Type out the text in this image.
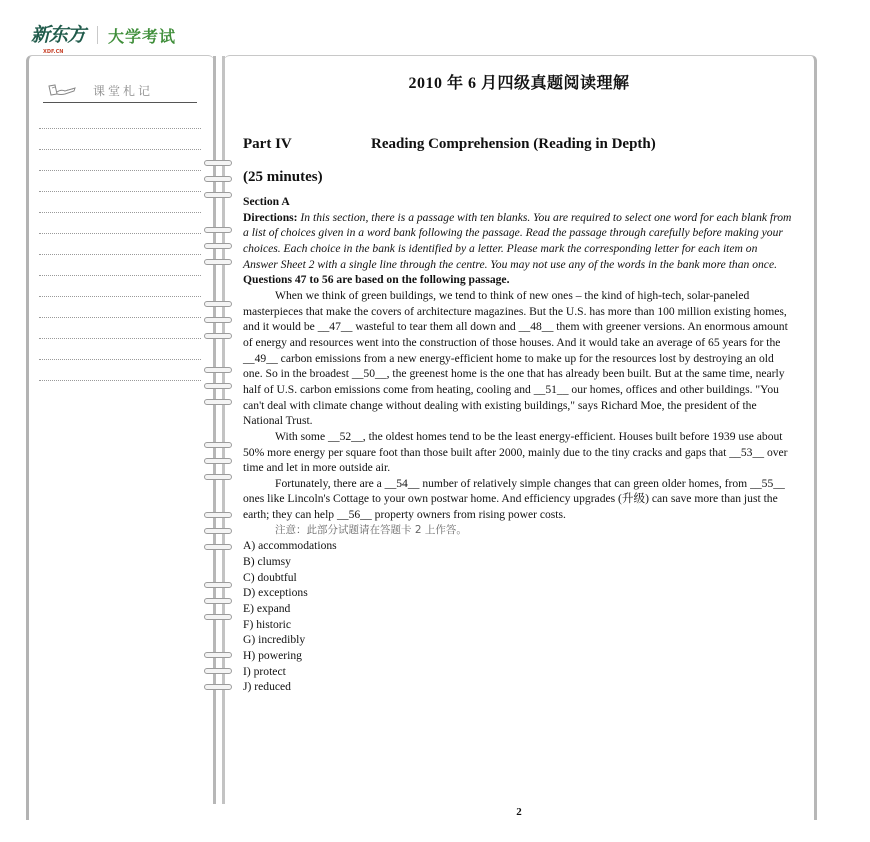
新东方
XDF.CN
大学考试
课堂札记	2010 年 6 月四级真题阅读理解
Part IV	Reading Comprehension (Reading in Depth)
(25 minutes)

Section A

Directions: In this section, there is a passage with ten blanks. You are required to select one word for each blank from a list of choices given in a word bank following the passage. Read the passage through carefully before making your choices. Each choice in the bank is identified by a letter. Please mark the corresponding letter for each item on Answer Sheet 2 with a single line through the centre. You may not use any of the words in the bank more than once.

Questions 47 to 56 are based on the following passage.

When we think of green buildings, we tend to think of new ones – the kind of high-tech, solar-paneled masterpieces that make the covers of architecture magazines. But the U.S. has more than 100 million existing homes, and it would be __47__ wasteful to tear them all down and __48__ them with greener versions. An enormous amount of energy and resources went into the construction of those houses. And it would take an average of 65 years for the __49__ carbon emissions from a new energy-efficient home to make up for the resources lost by destroying an old one. So in the broadest __50__, the greenest home is the one that has already been built. But at the same time, nearly half of U.S. carbon emissions come from heating, cooling and __51__ our homes, offices and other buildings. "You can't deal with climate change without dealing with existing buildings," says Richard Moe, the president of the National Trust.

With some __52__, the oldest homes tend to be the least energy-efficient. Houses built before 1939 use about 50% more energy per square foot than those built after 2000, mainly due to the tiny cracks and gaps that __53__ over time and let in more outside air.

Fortunately, there are a __54__ number of relatively simple changes that can green older homes, from __55__ ones like Lincoln's Cottage to your own postwar home. And efficiency upgrades (升级) can save more than just the earth; they can help __56__ property owners from rising power costs.

注意：此部分试题请在答题卡 2 上作答。

A) accommodations

B) clumsy

C) doubtful

D) exceptions

E) expand

F) historic

G) incredibly

H) powering

I) protect

J) reduced

2
